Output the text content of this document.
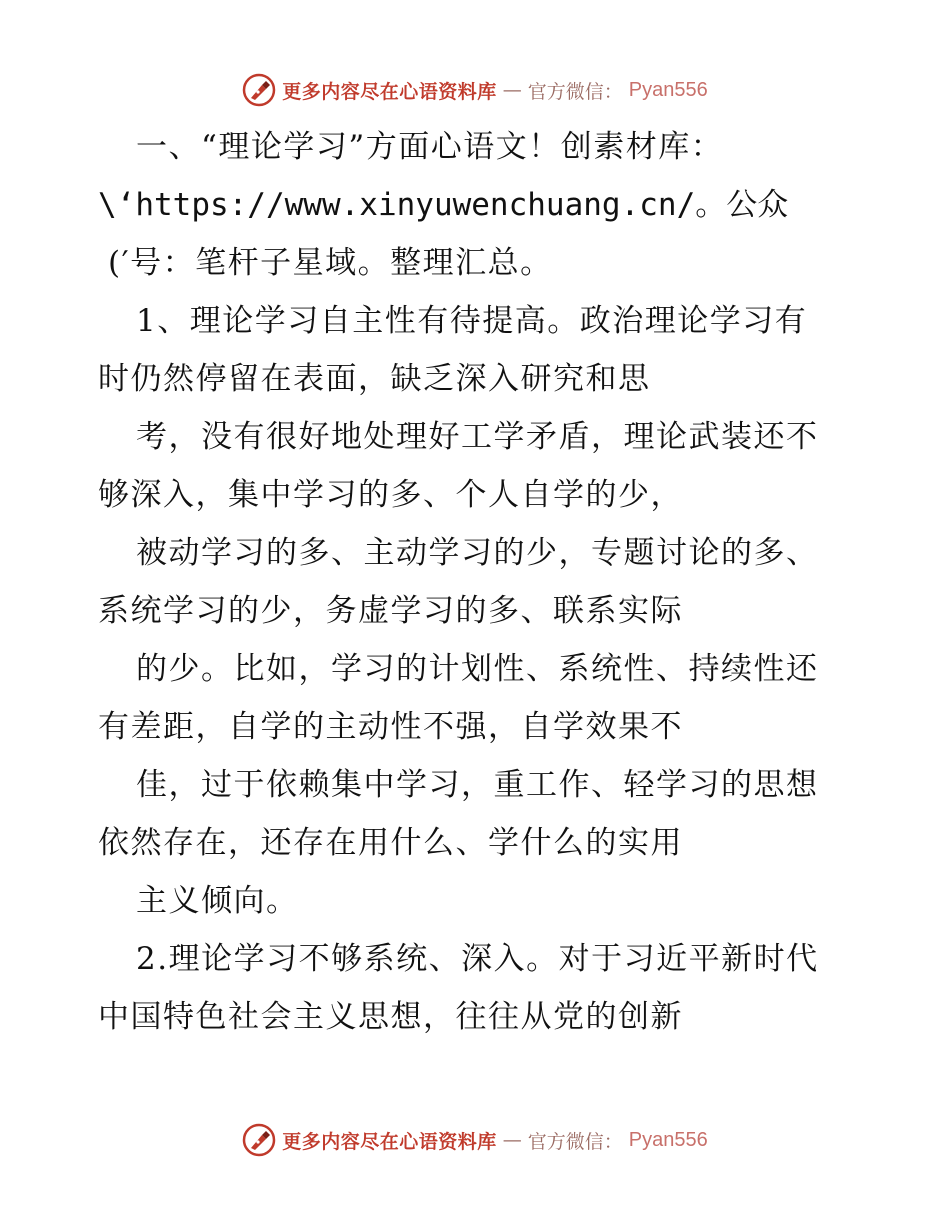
更多内容尽在心语资料库 — 官方微信： Pyan556
一、“理论学习”方面心语文！创素材库：
\‘https://www.xinyuwenchuang.cn/。公众
(′号：笔杆子星域。整理汇总。
1、理论学习自主性有待提高。政治理论学习有
时仍然停留在表面，缺乏深入研究和思
考，没有很好地处理好工学矛盾，理论武装还不
够深入，集中学习的多、个人自学的少，
被动学习的多、主动学习的少，专题讨论的多、
系统学习的少，务虚学习的多、联系实际
的少。比如，学习的计划性、系统性、持续性还
有差距，自学的主动性不强，自学效果不
佳，过于依赖集中学习，重工作、轻学习的思想
依然存在，还存在用什么、学什么的实用
主义倾向。
2.理论学习不够系统、深入。对于习近平新时代
中国特色社会主义思想，往往从党的创新
更多内容尽在心语资料库 — 官方微信： Pyan556
